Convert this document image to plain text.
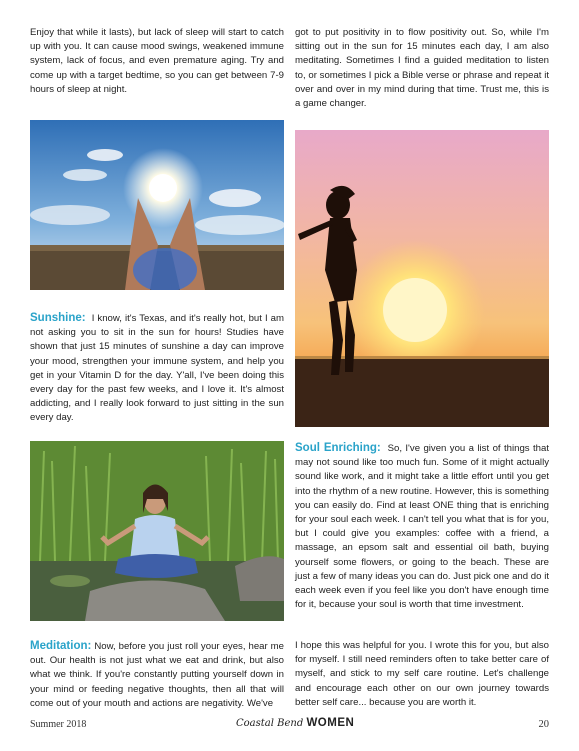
Enjoy that while it lasts), but lack of sleep will start to catch up with you. It can cause mood swings, weakened immune system, lack of focus, and even premature aging. Try and come up with a target bedtime, so you can get between 7-9 hours of sleep at night.

Sunshine: I know, it's Texas, and it's really hot, but I am not asking you to sit in the sun for hours! Studies have shown that just 15 minutes of sunshine a day can improve your mood, strengthen your immune system, and help you get in your Vitamin D for the day. Y'all, I've been doing this every day for the past few weeks, and I love it. It's almost addicting, and I really look forward to just sitting in the sun every day.

Meditation: Now, before you just roll your eyes, hear me out. Our health is not just what we eat and drink, but also what we think. If you're constantly putting yourself down in your mind or feeding negative thoughts, then all that will come out of your mouth and actions are negativity. We've

got to put positivity in to flow positivity out. So, while I'm sitting out in the sun for 15 minutes each day, I am also meditating. Sometimes I find a guided meditation to listen to, or sometimes I pick a Bible verse or phrase and repeat it over and over in my mind during that time. Trust me, this is a game changer.

Soul Enriching: So, I've given you a list of things that may not sound like too much fun. Some of it might actually sound like work, and it might take a little effort until you get into the rhythm of a new routine. However, this is something you can easily do. Find at least ONE thing that is enriching for your soul each week. I can't tell you what that is for you, but I could give you examples: coffee with a friend, a massage, an epsom salt and essential oil bath, buying yourself some flowers, or going to the beach. These are just a few of many ideas you can do. Just pick one and do it each week even if you feel like you don't have enough time for it, because your soul is worth that time investment.

I hope this was helpful for you. I wrote this for you, but also for myself. I still need reminders often to take better care of myself, and stick to my self care routine. Let's challenge and encourage each other on our own journey towards better self care... because you are worth it.

Summer 2018	Coastal Bend WOMEN	20
